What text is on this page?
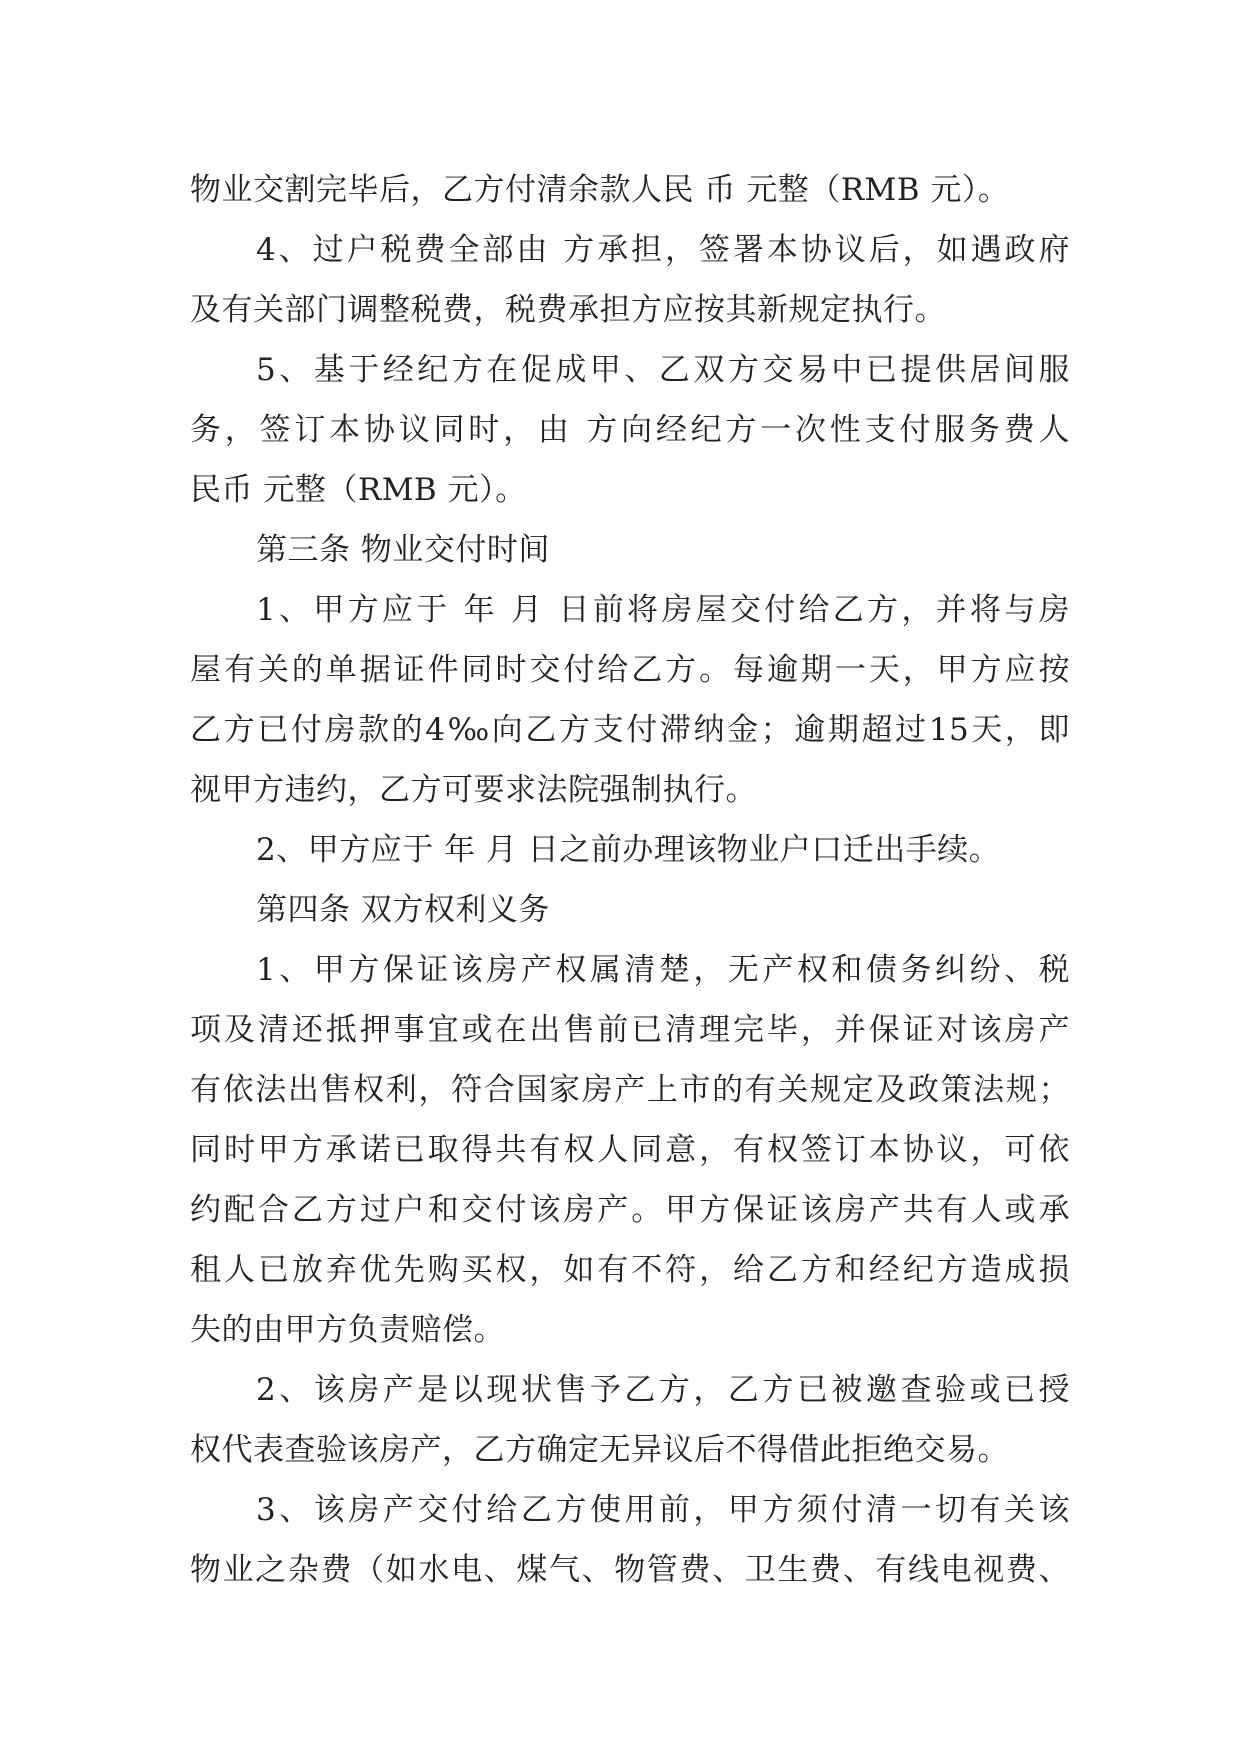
物业交割完毕后，乙方付清余款人民 币 元整（RMB 元）。
4、过户税费全部由 方承担，签署本协议后，如遇政府
及有关部门调整税费，税费承担方应按其新规定执行。
5、基于经纪方在促成甲、乙双方交易中已提供居间服
务，签订本协议同时，由 方向经纪方一次性支付服务费人
民币 元整（RMB 元）。
第三条 物业交付时间
1、甲方应于 年 月 日前将房屋交付给乙方，并将与房
屋有关的单据证件同时交付给乙方。每逾期一天，甲方应按
乙方已付房款的4‰向乙方支付滞纳金；逾期超过15天，即
视甲方违约，乙方可要求法院强制执行。
2、甲方应于 年 月 日之前办理该物业户口迁出手续。
第四条 双方权利义务
1、甲方保证该房产权属清楚，无产权和债务纠纷、税
项及清还抵押事宜或在出售前已清理完毕，并保证对该房产
有依法出售权利，符合国家房产上市的有关规定及政策法规；
同时甲方承诺已取得共有权人同意，有权签订本协议，可依
约配合乙方过户和交付该房产。甲方保证该房产共有人或承
租人已放弃优先购买权，如有不符，给乙方和经纪方造成损
失的由甲方负责赔偿。
2、该房产是以现状售予乙方，乙方已被邀查验或已授
权代表查验该房产，乙方确定无异议后不得借此拒绝交易。
3、该房产交付给乙方使用前，甲方须付清一切有关该
物业之杂费（如水电、煤气、物管费、卫生费、有线电视费、
